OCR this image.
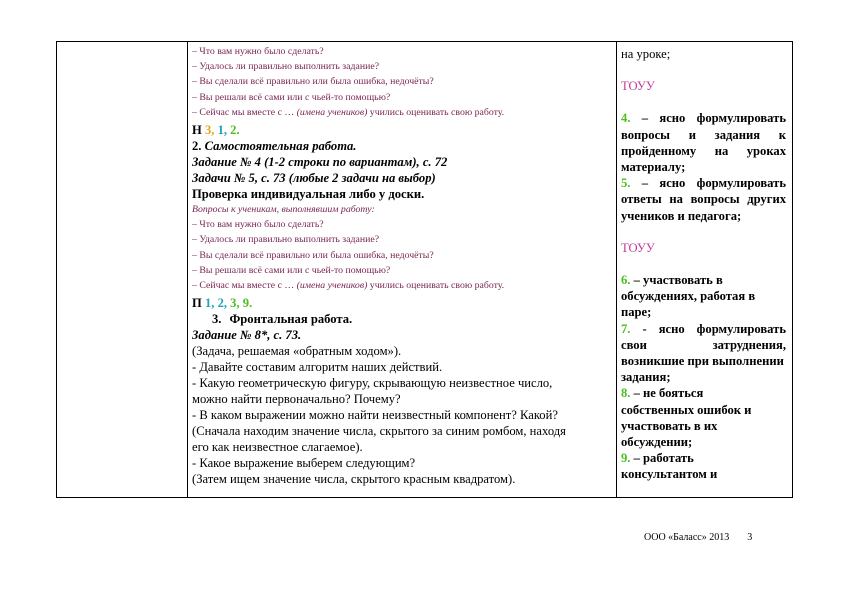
– Что вам нужно было сделать?
– Удалось ли правильно выполнить задание?
– Вы сделали всё правильно или была ошибка, недочёты?
– Вы решали всё сами или с чьей-то помощью?
– Сейчас мы вместе с … (имена учеников) учились оценивать свою работу.
Н 3, 1, 2.
2. Самостоятельная работа.
Задание № 4 (1-2 строки по вариантам), с. 72
Задачи № 5, с. 73 (любые 2 задачи на выбор)
Проверка индивидуальная либо у доски.
Вопросы к ученикам, выполнявшим работу:
– Что вам нужно было сделать?
– Удалось ли правильно выполнить задание?
– Вы сделали всё правильно или была ошибка, недочёты?
– Вы решали всё сами или с чьей-то помощью?
– Сейчас мы вместе с … (имена учеников) учились оценивать свою работу.
П 1, 2, 3, 9.
3. Фронтальная работа.
Задание № 8*, с. 73.
(Задача, решаемая «обратным ходом»).
- Давайте составим алгоритм наших действий.
- Какую геометрическую фигуру, скрывающую неизвестное число,
можно найти первоначально? Почему?
- В каком выражении можно найти неизвестный компонент? Какой?
(Сначала находим значение числа, скрытого за синим ромбом, находя
его как неизвестное слагаемое).
- Какое выражение выберем следующим?
(Затем ищем значение числа, скрытого красным квадратом).
на уроке;
ТОУУ
4. – ясно формулировать
вопросы и задания к
пройденному на уроках
материалу;
5. – ясно формулировать
ответы на вопросы других
учеников и педагога;
ТОУУ
6. – участвовать в
обсуждениях, работая в
паре;
7. - ясно формулировать
свои затруднения,
возникшие при выполнении
задания;
8. – не бояться
собственных ошибок и
участвовать в их
обсуждении;
9. – работать
консультантом и
ООО «Баласс» 2013 3
